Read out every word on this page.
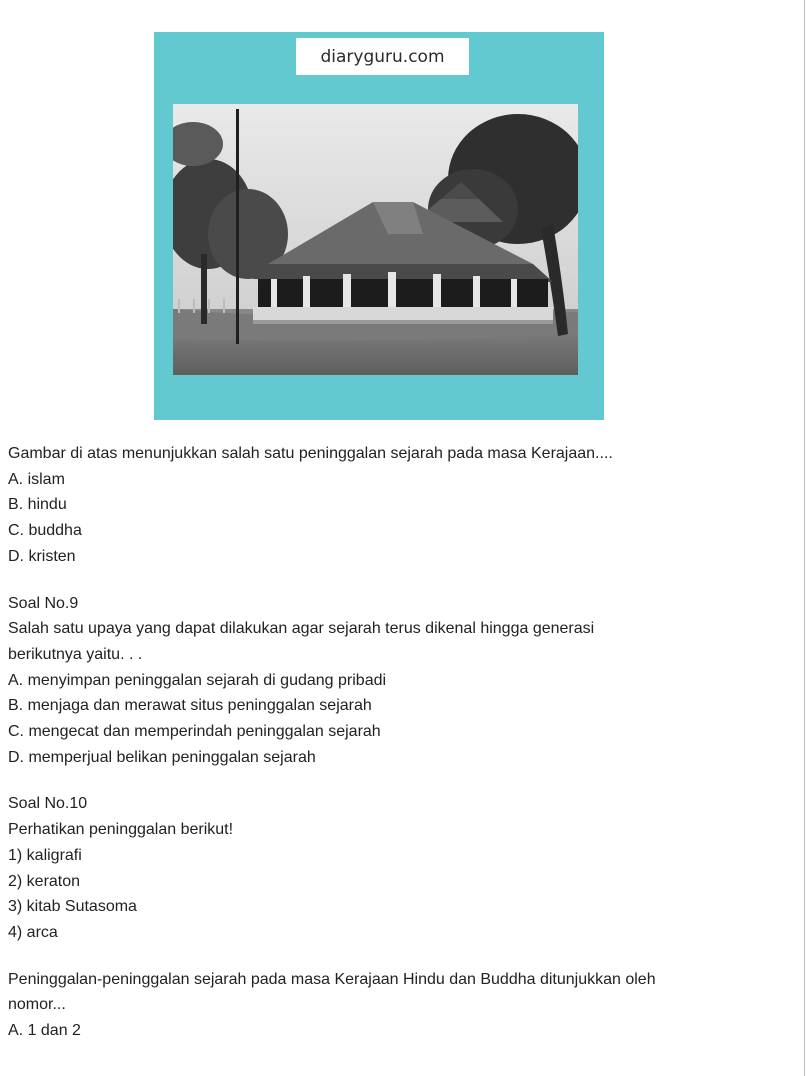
diaryguru.com

Gambar di atas menunjukkan salah satu peninggalan sejarah pada masa Kerajaan....

A. islam

B. hindu

C. buddha

D. kristen

Soal No.9

Salah satu upaya yang dapat dilakukan agar sejarah terus dikenal hingga generasi

berikutnya yaitu. . .

A. menyimpan peninggalan sejarah di gudang pribadi

B. menjaga dan merawat situs peninggalan sejarah

C. mengecat dan memperindah peninggalan sejarah

D. memperjual belikan peninggalan sejarah

Soal No.10

Perhatikan peninggalan berikut!

1) kaligrafi

2) keraton

3) kitab Sutasoma

4) arca

Peninggalan-peninggalan sejarah pada masa Kerajaan Hindu dan Buddha ditunjukkan oleh

nomor...

A. 1 dan 2
